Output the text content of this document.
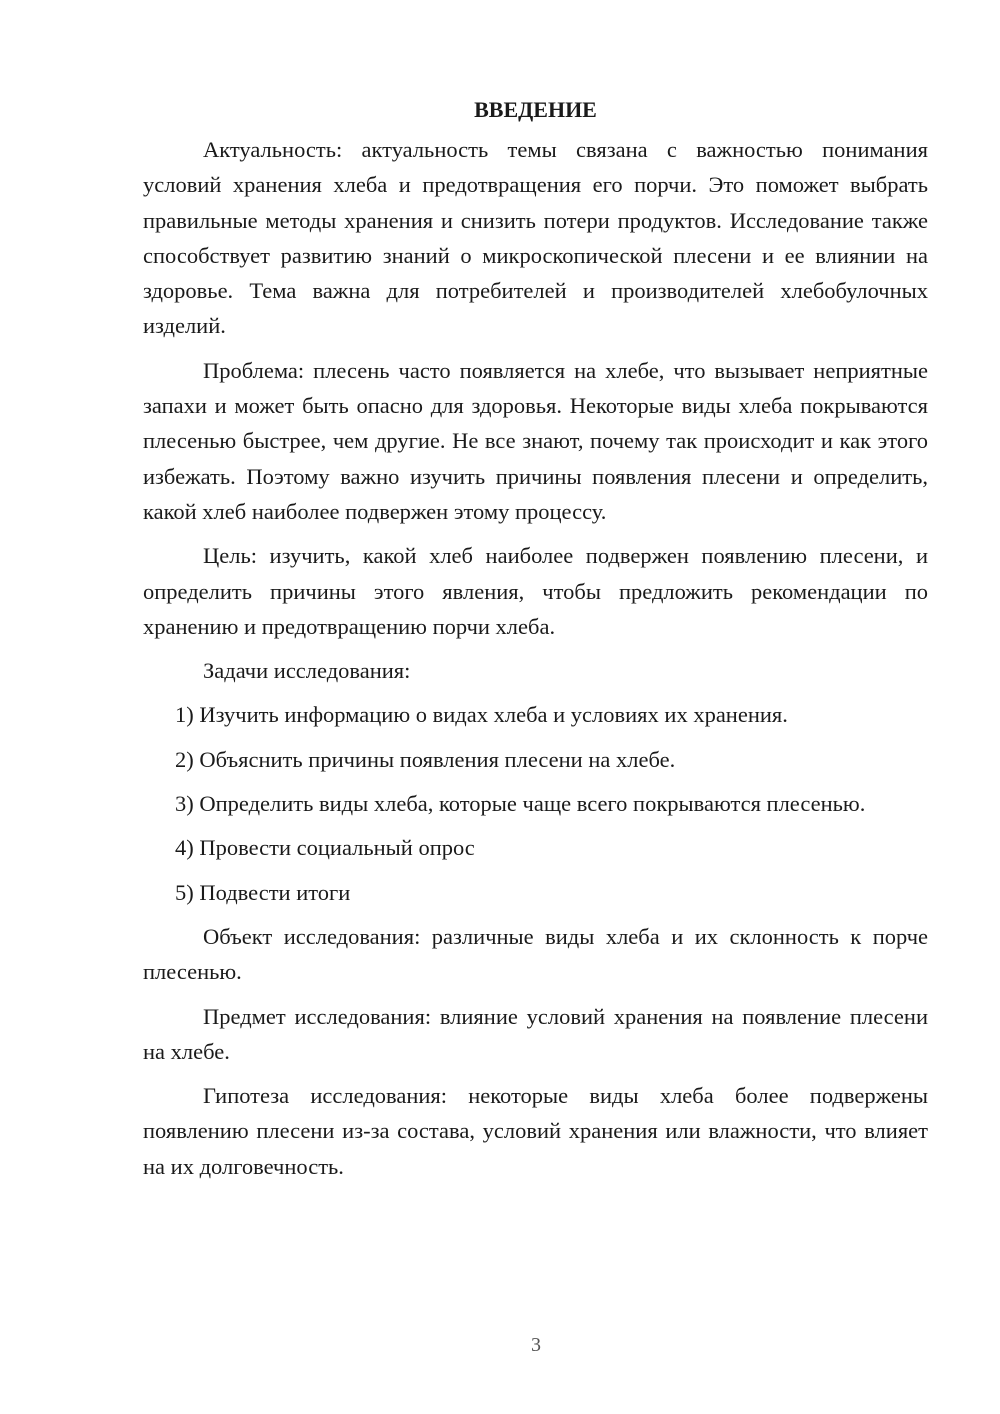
ВВЕДЕНИЕ

Актуальность: актуальность темы связана с важностью понимания условий хранения хлеба и предотвращения его порчи. Это поможет выбрать правильные методы хранения и снизить потери продуктов. Исследование также способствует развитию знаний о микроскопической плесени и ее влиянии на здоровье. Тема важна для потребителей и производителей хлебобулочных изделий.

Проблема: плесень часто появляется на хлебе, что вызывает неприятные запахи и может быть опасно для здоровья. Некоторые виды хлеба покрываются плесенью быстрее, чем другие. Не все знают, почему так происходит и как этого избежать. Поэтому важно изучить причины появления плесени и определить, какой хлеб наиболее подвержен этому процессу.

Цель: изучить, какой хлеб наиболее подвержен появлению плесени, и определить причины этого явления, чтобы предложить рекомендации по хранению и предотвращению порчи хлеба.

Задачи исследования:

1) Изучить информацию о видах хлеба и условиях их хранения.

2) Объяснить причины появления плесени на хлебе.

3) Определить виды хлеба, которые чаще всего покрываются плесенью.

4) Провести социальный опрос

5) Подвести итоги

Объект исследования: различные виды хлеба и их склонность к порче плесенью.

Предмет исследования: влияние условий хранения на появление плесени на хлебе.

Гипотеза исследования: некоторые виды хлеба более подвержены появлению плесени из-за состава, условий хранения или влажности, что влияет на их долговечность.

3
